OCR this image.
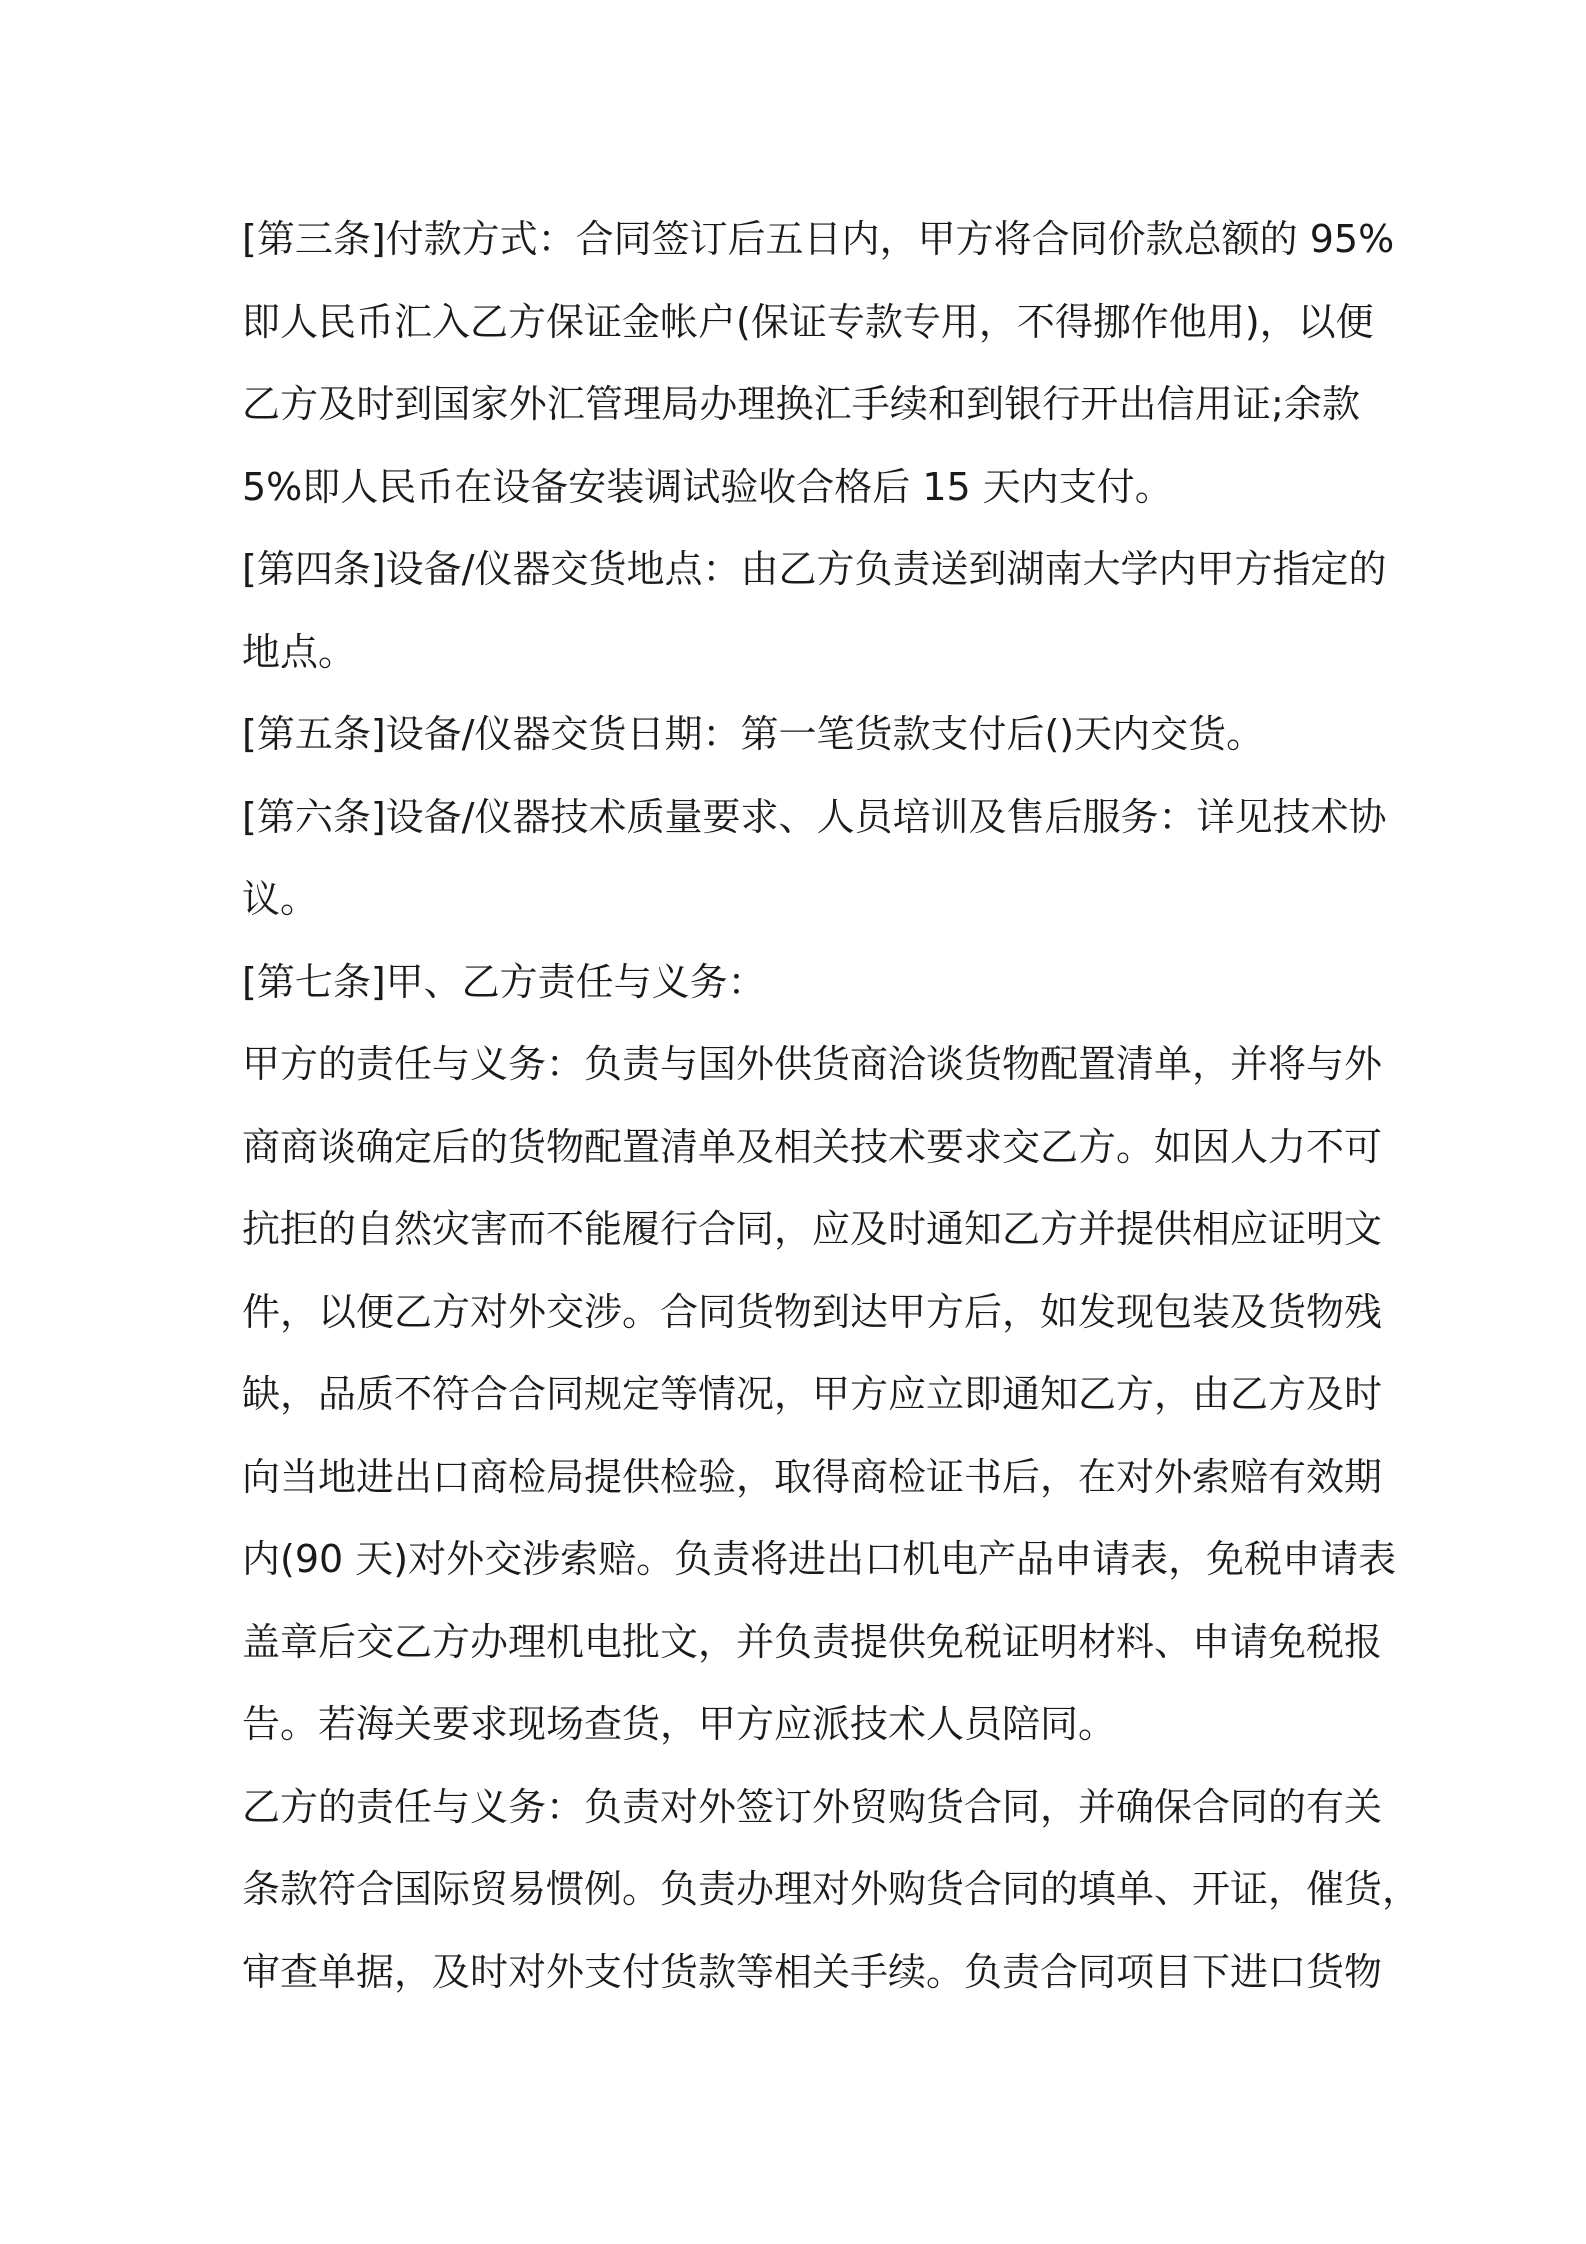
[第三条]付款方式：合同签订后五日内，甲方将合同价款总额的 95%
即人民币汇入乙方保证金帐户(保证专款专用，不得挪作他用)，以便
乙方及时到国家外汇管理局办理换汇手续和到银行开出信用证;余款
5%即人民币在设备安装调试验收合格后 15 天内支付。
[第四条]设备/仪器交货地点：由乙方负责送到湖南大学内甲方指定的
地点。
[第五条]设备/仪器交货日期：第一笔货款支付后()天内交货。
[第六条]设备/仪器技术质量要求、人员培训及售后服务：详见技术协
议。
[第七条]甲、乙方责任与义务：
甲方的责任与义务：负责与国外供货商洽谈货物配置清单，并将与外
商商谈确定后的货物配置清单及相关技术要求交乙方。如因人力不可
抗拒的自然灾害而不能履行合同，应及时通知乙方并提供相应证明文
件，以便乙方对外交涉。合同货物到达甲方后，如发现包装及货物残
缺，品质不符合合同规定等情况，甲方应立即通知乙方，由乙方及时
向当地进出口商检局提供检验，取得商检证书后，在对外索赔有效期
内(90 天)对外交涉索赔。负责将进出口机电产品申请表，免税申请表
盖章后交乙方办理机电批文，并负责提供免税证明材料、申请免税报
告。若海关要求现场查货，甲方应派技术人员陪同。
乙方的责任与义务：负责对外签订外贸购货合同，并确保合同的有关
条款符合国际贸易惯例。负责办理对外购货合同的填单、开证，催货，
审查单据，及时对外支付货款等相关手续。负责合同项目下进口货物
